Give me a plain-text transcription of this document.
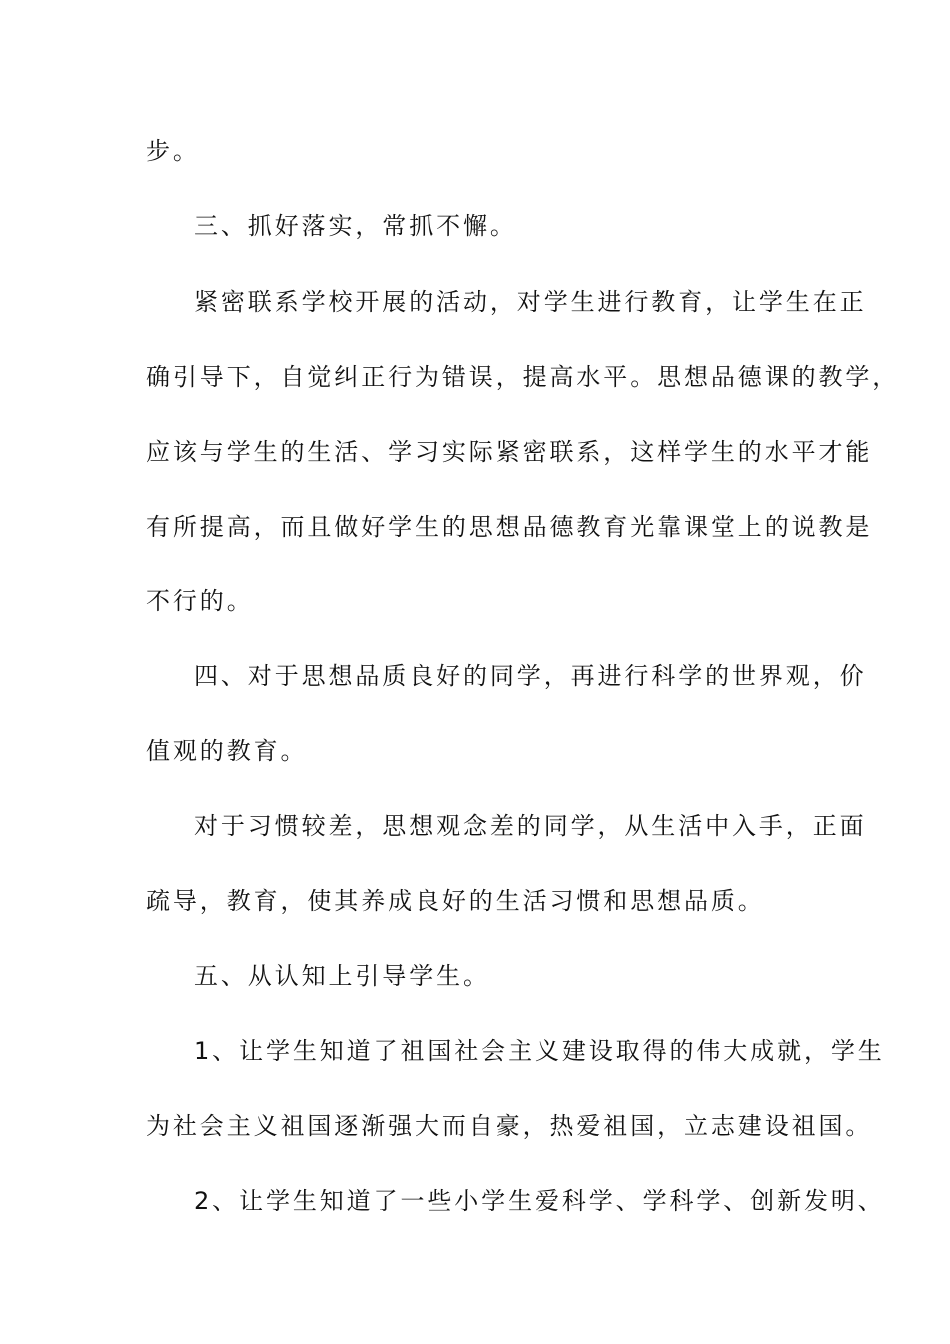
步。
三、抓好落实，常抓不懈。
紧密联系学校开展的活动，对学生进行教育，让学生在正
确引导下，自觉纠正行为错误，提高水平。思想品德课的教学，
应该与学生的生活、学习实际紧密联系，这样学生的水平才能
有所提高，而且做好学生的思想品德教育光靠课堂上的说教是
不行的。
四、对于思想品质良好的同学，再进行科学的世界观，价
值观的教育。
对于习惯较差，思想观念差的同学，从生活中入手，正面
疏导，教育，使其养成良好的生活习惯和思想品质。
五、从认知上引导学生。
1、让学生知道了祖国社会主义建设取得的伟大成就，学生
为社会主义祖国逐渐强大而自豪，热爱祖国，立志建设祖国。
2、让学生知道了一些小学生爱科学、学科学、创新发明、
